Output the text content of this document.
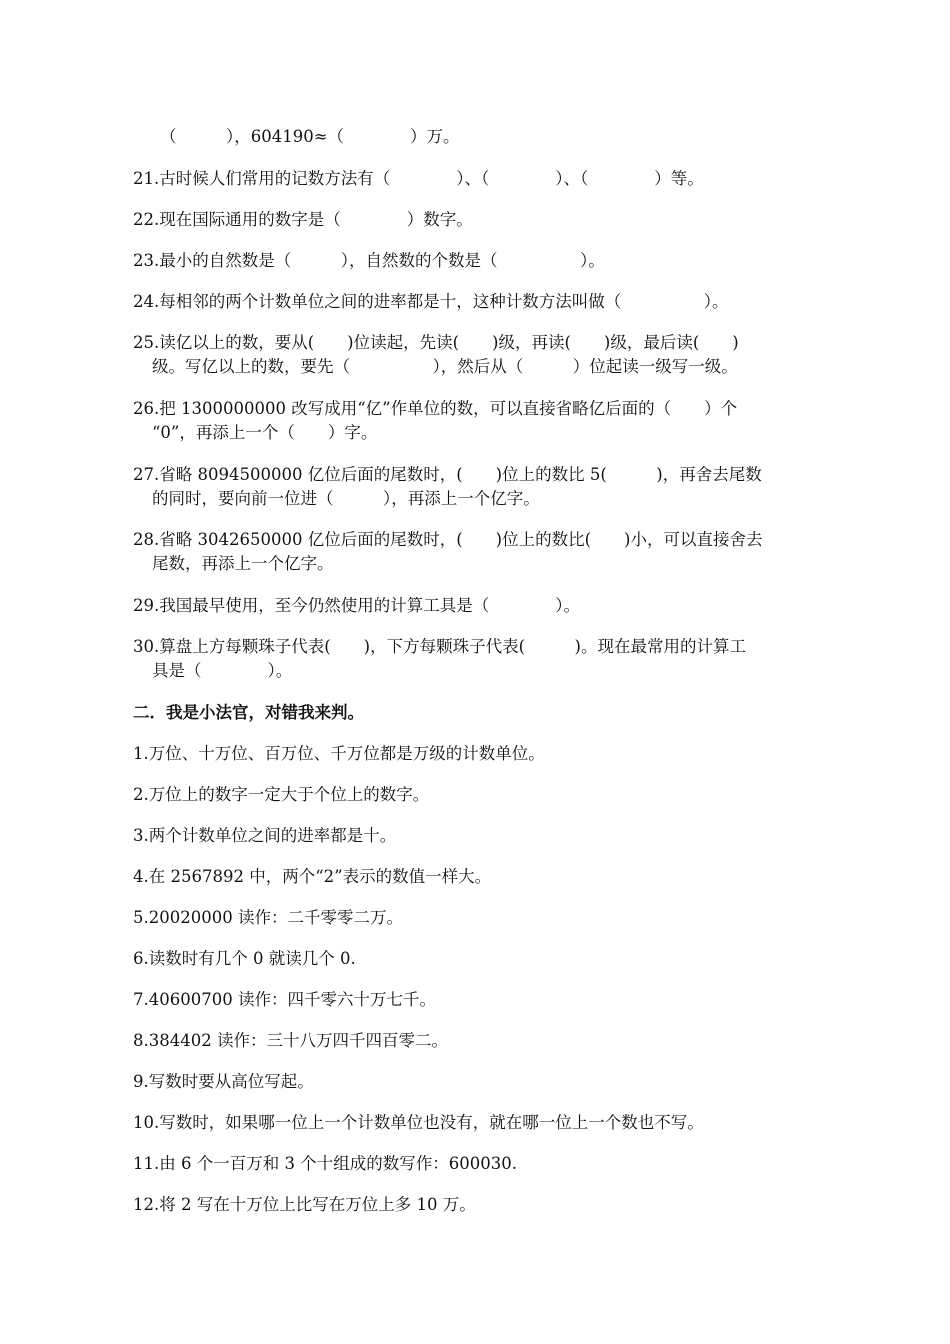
（　　　），604190≈（　　　　）万。
21.古时候人们常用的记数方法有（　　　　）、（　　　　）、（　　　　）等。
22.现在国际通用的数字是（　　　　）数字。
23.最小的自然数是（　　　），自然数的个数是（　　　　　）。
24.每相邻的两个计数单位之间的进率都是十，这种计数方法叫做（　　　　　）。
25.读亿以上的数，要从(　　)位读起，先读(　　)级，再读(　　)级，最后读(　　)
级。写亿以上的数，要先（　　　　　），然后从（　　　）位起读一级写一级。
26.把 1300000000 改写成用“亿”作单位的数，可以直接省略亿后面的（　　）个
“0”，再添上一个（　　）字。
27.省略 8094500000 亿位后面的尾数时，(　　)位上的数比 5(　　　)，再舍去尾数
的同时，要向前一位进（　　　），再添上一个亿字。
28.省略 3042650000 亿位后面的尾数时，(　　)位上的数比(　　)小，可以直接舍去
尾数，再添上一个亿字。
29.我国最早使用，至今仍然使用的计算工具是（　　　　）。
30.算盘上方每颗珠子代表(　　)，下方每颗珠子代表(　　　)。现在最常用的计算工
具是（　　　　）。
二．我是小法官，对错我来判。
1.万位、十万位、百万位、千万位都是万级的计数单位。
2.万位上的数字一定大于个位上的数字。
3.两个计数单位之间的进率都是十。
4.在 2567892 中，两个“2”表示的数值一样大。
5.20020000 读作：二千零零二万。
6.读数时有几个 0 就读几个 0.
7.40600700 读作：四千零六十万七千。
8.384402 读作：三十八万四千四百零二。
9.写数时要从高位写起。
10.写数时，如果哪一位上一个计数单位也没有，就在哪一位上一个数也不写。
11.由 6 个一百万和 3 个十组成的数写作：600030.
12.将 2 写在十万位上比写在万位上多 10 万。
